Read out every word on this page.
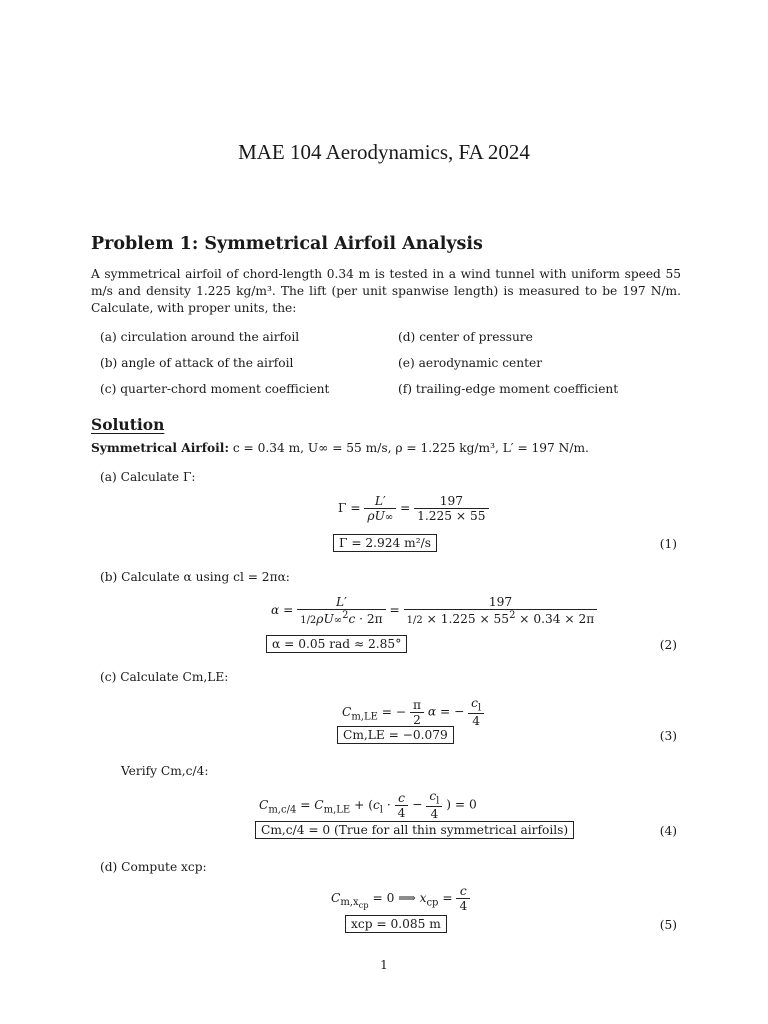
MAE 104 Aerodynamics, FA 2024
Problem 1: Symmetrical Airfoil Analysis
A symmetrical airfoil of chord-length 0.34 m is tested in a wind tunnel with uniform speed 55 m/s and density 1.225 kg/m³. The lift (per unit spanwise length) is measured to be 197 N/m. Calculate, with proper units, the:
(a) circulation around the airfoil
(b) angle of attack of the airfoil
(c) quarter-chord moment coefficient
(d) center of pressure
(e) aerodynamic center
(f) trailing-edge moment coefficient
Solution
Symmetrical Airfoil: c = 0.34 m, U∞ = 55 m/s, ρ = 1.225 kg/m³, L′ = 197 N/m.
(a) Calculate Γ:
$\Gamma = \frac{L'}{\rho U\infty} = \frac{197}{1.225 \times 55}$
Γ = 2.924 m²/s	(1)
(b) Calculate α using cl = 2πα:
$\alpha = \frac{L'}{1/2\rho U\infty^2c \cdot 2\pi} = \frac{197}{1/2 \times 1.225 \times 55^2 \times 0.34 \times 2\pi}$
α = 0.05 rad ≈ 2.85°	(2)
(c) Calculate Cm,LE:
$C_{m,LE}$ = − $\frac{\pi}{2}$ α = − $\frac{c_l}{4}$
Cm,LE = −0.079	(3)
Verify Cm,c/4:
$C_{m,c/4} = C_{m,LE} + (c_l \cdot \frac{c}{4} - \frac{c_l}{4}$ ) = 0
Cm,c/4 = 0 (True for all thin symmetrical airfoils)	(4)
(d) Compute xcp:
$C_{m,x_{cp}} = 0$ ⟹ $x_{cp} = \frac{c}{4}$
xcp = 0.085 m	(5)
1
